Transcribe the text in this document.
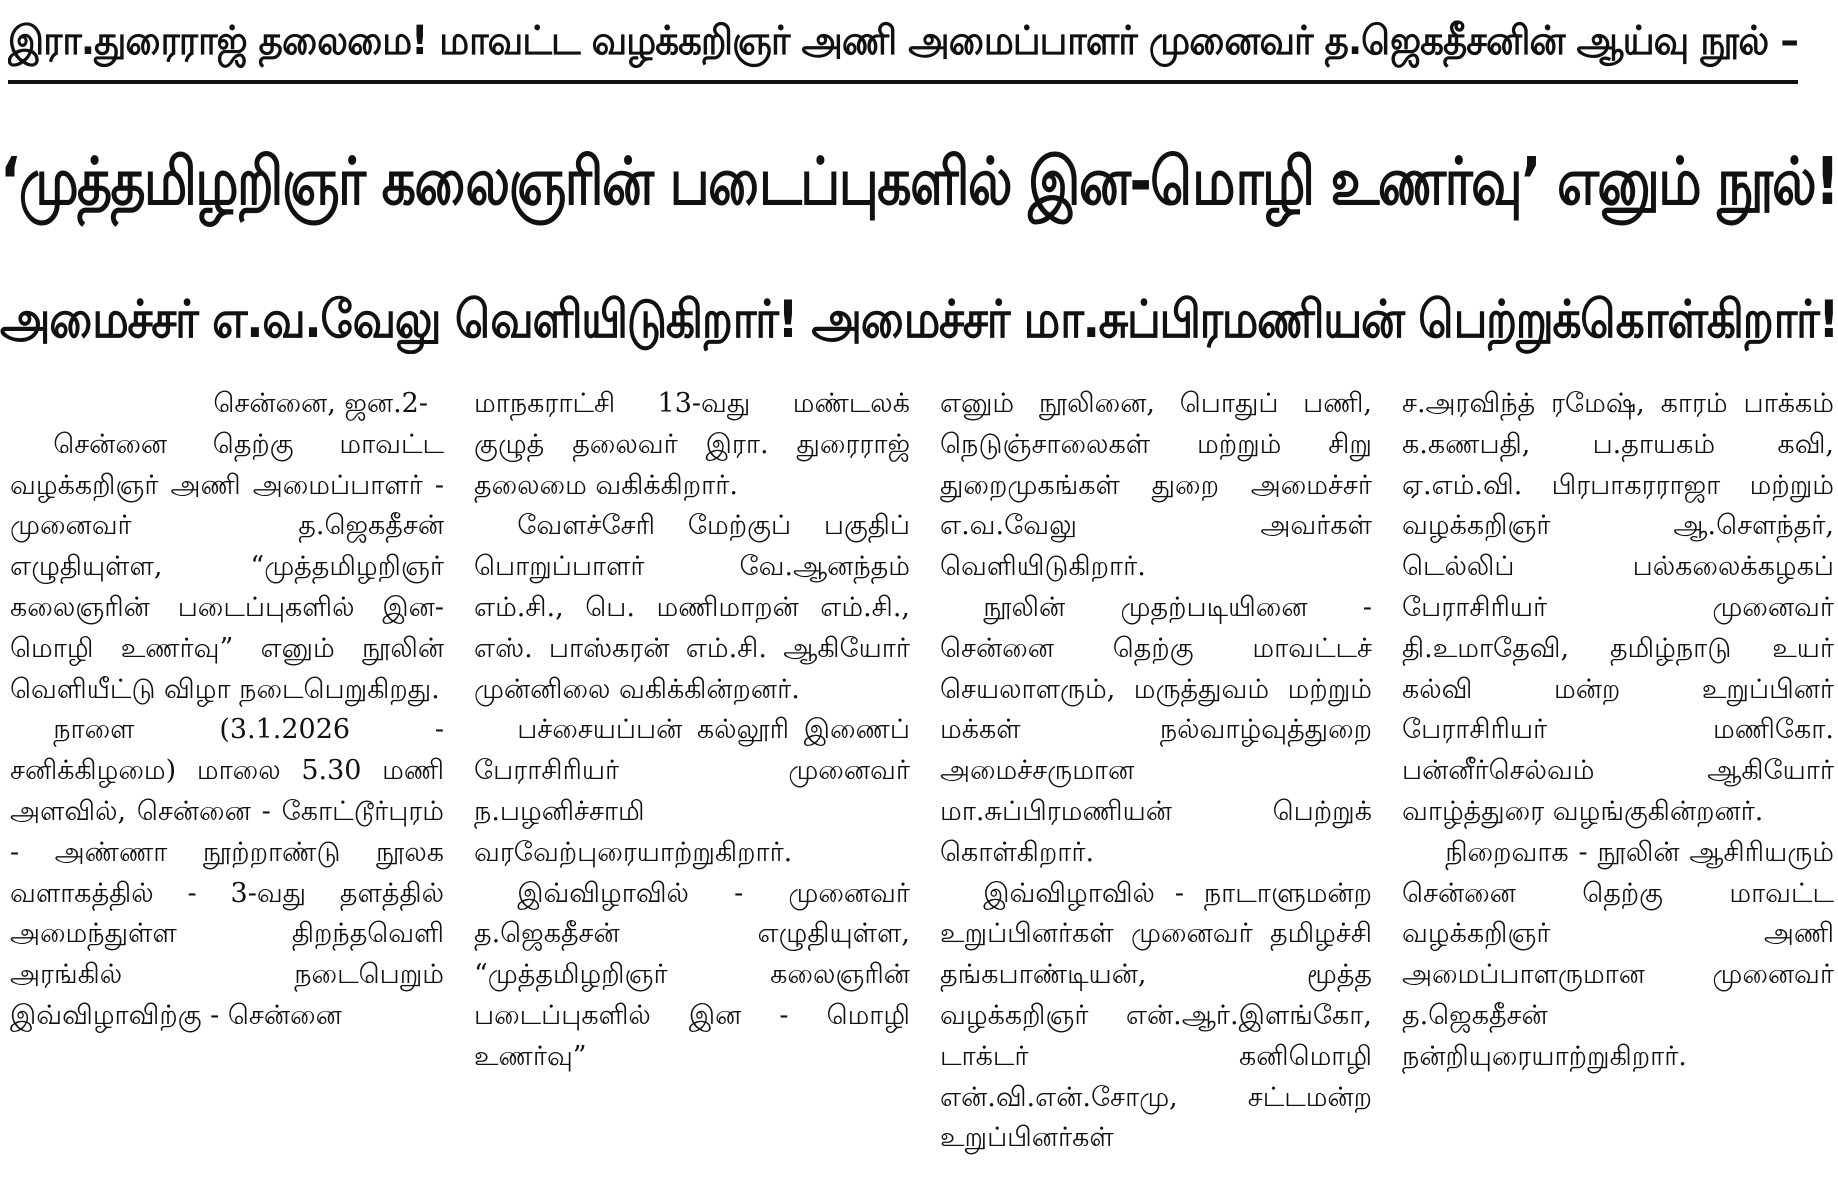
இரா.துரைராஜ் தலைமை! மாவட்ட வழக்கறிஞர் அணி அமைப்பாளர் முனைவர் த.ஜெகதீசனின் ஆய்வு நூல் –
‘முத்தமிழறிஞர் கலைஞரின் படைப்புகளில் இன-மொழி உணர்வு’ எனும் நூல்!
அமைச்சர் எ.வ.வேலு வெளியிடுகிறார்! அமைச்சர் மா.சுப்பிரமணியன் பெற்றுக்கொள்கிறார்!
சென்னை, ஜன.2-
சென்னை தெற்கு மாவட்ட வழக்கறிஞர் அணி அமைப்பாளர் - முனைவர் த.ஜெகதீசன் எழுதியுள்ள, “முத்தமிழறிஞர் கலைஞரின் படைப்புகளில் இன-மொழி உணர்வு” எனும் நூலின் வெளியீட்டு விழா நடைபெறுகிறது.
நாளை (3.1.2026 - சனிக்கிழமை) மாலை 5.30 மணி அளவில், சென்னை - கோட்டூர்புரம் - அண்ணா நூற்றாண்டு நூலக வளாகத்தில் - 3-வது தளத்தில் அமைந்துள்ள திறந்தவெளி அரங்கில் நடைபெறும் இவ்விழாவிற்கு - சென்னை
மாநகராட்சி 13-வது மண்டலக் குழுத் தலைவர் இரா. துரைராஜ் தலைமை வகிக்கிறார்.
வேளச்சேரி மேற்குப் பகுதிப் பொறுப்பாளர் வே.ஆனந்தம் எம்.சி., பெ. மணிமாறன் எம்.சி., எஸ். பாஸ்கரன் எம்.சி. ஆகியோர் முன்னிலை வகிக்கின்றனர்.
பச்சையப்பன் கல்லூரி இணைப் பேராசிரியர் முனைவர் ந.பழனிச்சாமி வரவேற்புரையாற்றுகிறார்.
இவ்விழாவில் - முனைவர் த.ஜெகதீசன் எழுதியுள்ள, “முத்தமிழறிஞர் கலைஞரின் படைப்புகளில் இன - மொழி உணர்வு”
எனும் நூலினை, பொதுப் பணி, நெடுஞ்சாலைகள் மற்றும் சிறு துறைமுகங்கள் துறை அமைச்சர் எ.வ.வேலு அவர்கள் வெளியிடுகிறார்.
நூலின் முதற்படியினை - சென்னை தெற்கு மாவட்டச் செயலாளரும், மருத்துவம் மற்றும் மக்கள் நல்வாழ்வுத்துறை அமைச்சருமான மா.சுப்பிரமணியன் பெற்றுக் கொள்கிறார்.
இவ்விழாவில் - நாடாளுமன்ற உறுப்பினர்கள் முனைவர் தமிழச்சி தங்கபாண்டியன், மூத்த வழக்கறிஞர் என்.ஆர்.இளங்கோ, டாக்டர் கனிமொழி என்.வி.என்.சோமு, சட்டமன்ற உறுப்பினர்கள்
ச.அரவிந்த் ரமேஷ், காரம் பாக்கம் க.கணபதி, ப.தாயகம் கவி, ஏ.எம்.வி. பிரபாகரராஜா மற்றும் வழக்கறிஞர் ஆ.சௌந்தர், டெல்லிப் பல்கலைக்கழகப் பேராசிரியர் முனைவர் தி.உமாதேவி, தமிழ்நாடு உயர் கல்வி மன்ற உறுப்பினர் பேராசிரியர் மணிகோ. பன்னீர்செல்வம் ஆகியோர் வாழ்த்துரை வழங்குகின்றனர்.
நிறைவாக - நூலின் ஆசிரியரும் சென்னை தெற்கு மாவட்ட வழக்கறிஞர் அணி அமைப்பாளருமான முனைவர் த.ஜெகதீசன் நன்றியுரையாற்றுகிறார்.
